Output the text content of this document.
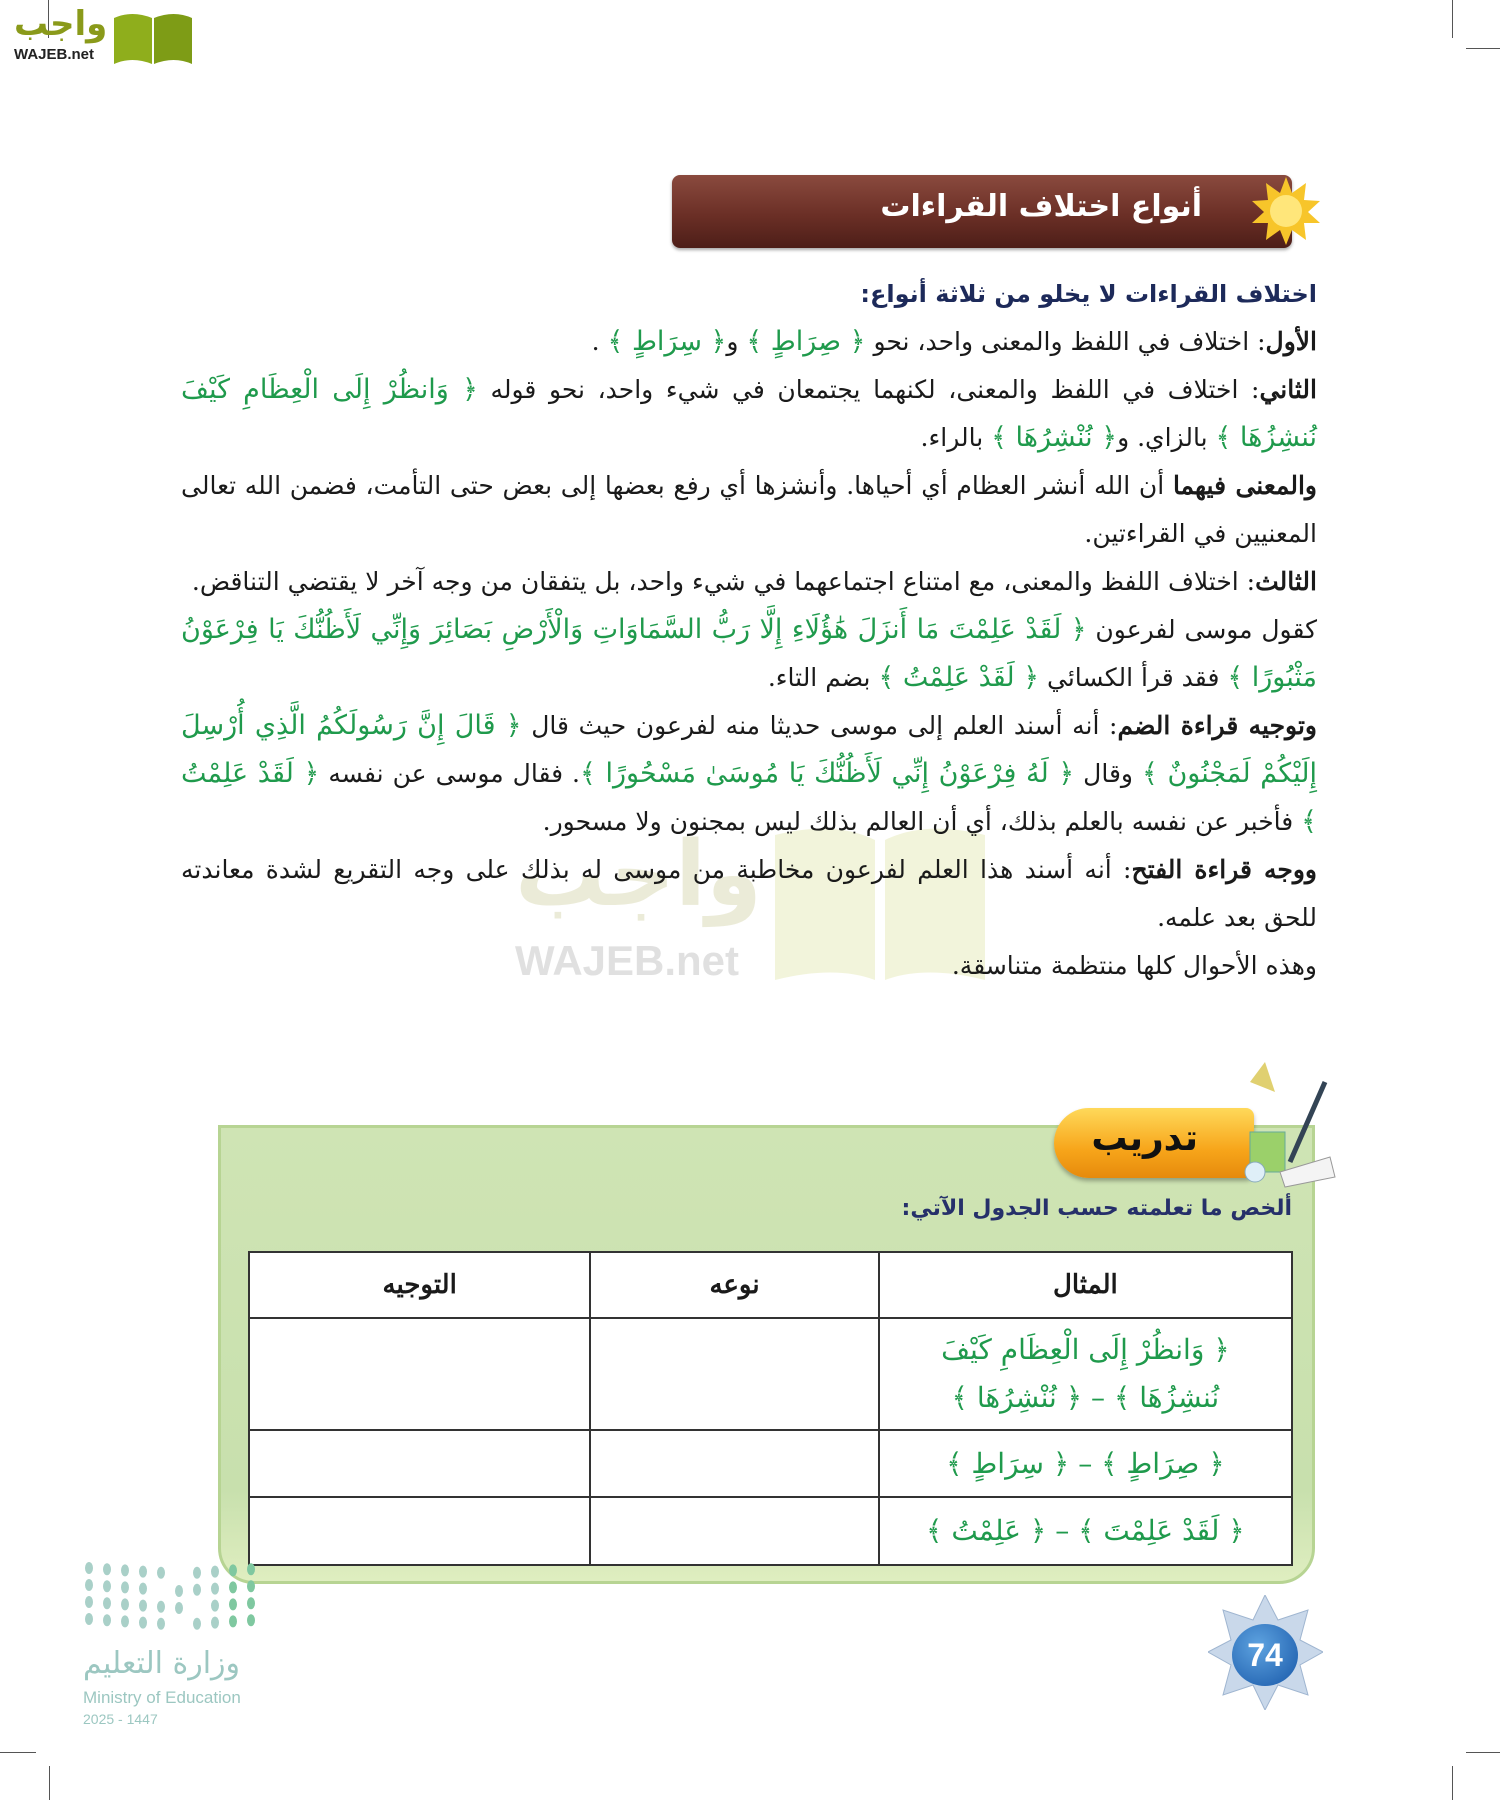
واجب
WAJEB.net
واجب
WAJEB.net
أنواع اختلاف القراءات

اختلاف القراءات لا يخلو من ثلاثة أنواع:

الأول: اختلاف في اللفظ والمعنى واحد، نحو ﴿ صِرَاطٍ ﴾ و﴿ سِرَاطٍ ﴾ .

الثاني: اختلاف في اللفظ والمعنى، لكنهما يجتمعان في شيء واحد، نحو قوله ﴿ وَانظُرْ إِلَى الْعِظَامِ كَيْفَ نُنشِزُهَا ﴾ بالزاي. و﴿ نُنْشِرُهَا ﴾ بالراء.

والمعنى فيهما أن الله أنشر العظام أي أحياها. وأنشزها أي رفع بعضها إلى بعض حتى التأمت، فضمن الله تعالى المعنيين في القراءتين.

الثالث: اختلاف اللفظ والمعنى، مع امتناع اجتماعهما في شيء واحد، بل يتفقان من وجه آخر لا يقتضي التناقض.

كقول موسى لفرعون ﴿ لَقَدْ عَلِمْتَ مَا أَنزَلَ هَٰؤُلَاءِ إِلَّا رَبُّ السَّمَاوَاتِ وَالْأَرْضِ بَصَائِرَ وَإِنِّي لَأَظُنُّكَ يَا فِرْعَوْنُ مَثْبُورًا ﴾ فقد قرأ الكسائي ﴿ لَقَدْ عَلِمْتُ ﴾ بضم التاء.

وتوجيه قراءة الضم: أنه أسند العلم إلى موسى حديثا منه لفرعون حيث قال ﴿ قَالَ إِنَّ رَسُولَكُمُ الَّذِي أُرْسِلَ إِلَيْكُمْ لَمَجْنُونٌ ﴾ وقال ﴿ لَهُ فِرْعَوْنُ إِنِّي لَأَظُنُّكَ يَا مُوسَىٰ مَسْحُورًا ﴾. فقال موسى عن نفسه ﴿ لَقَدْ عَلِمْتُ ﴾ فأخبر عن نفسه بالعلم بذلك، أي أن العالم بذلك ليس بمجنون ولا مسحور.

ووجه قراءة الفتح: أنه أسند هذا العلم لفرعون مخاطبة من موسى له بذلك على وجه التقريع لشدة معاندته للحق بعد علمه.

وهذه الأحوال كلها منتظمة متناسقة.

تدريب
ألخص ما تعلمته حسب الجدول الآتي:
المثال	نوعه	التوجيه
﴿ وَانظُرْ إِلَى الْعِظَامِ كَيْفَ نُنشِزُهَا ﴾ – ﴿ نُنْشِرُهَا ﴾		
﴿ صِرَاطٍ ﴾ – ﴿ سِرَاطٍ ﴾		
﴿ لَقَدْ عَلِمْتَ ﴾ – ﴿ عَلِمْتُ ﴾		
وزارة التعليم
Ministry of Education
2025 - 1447
74
